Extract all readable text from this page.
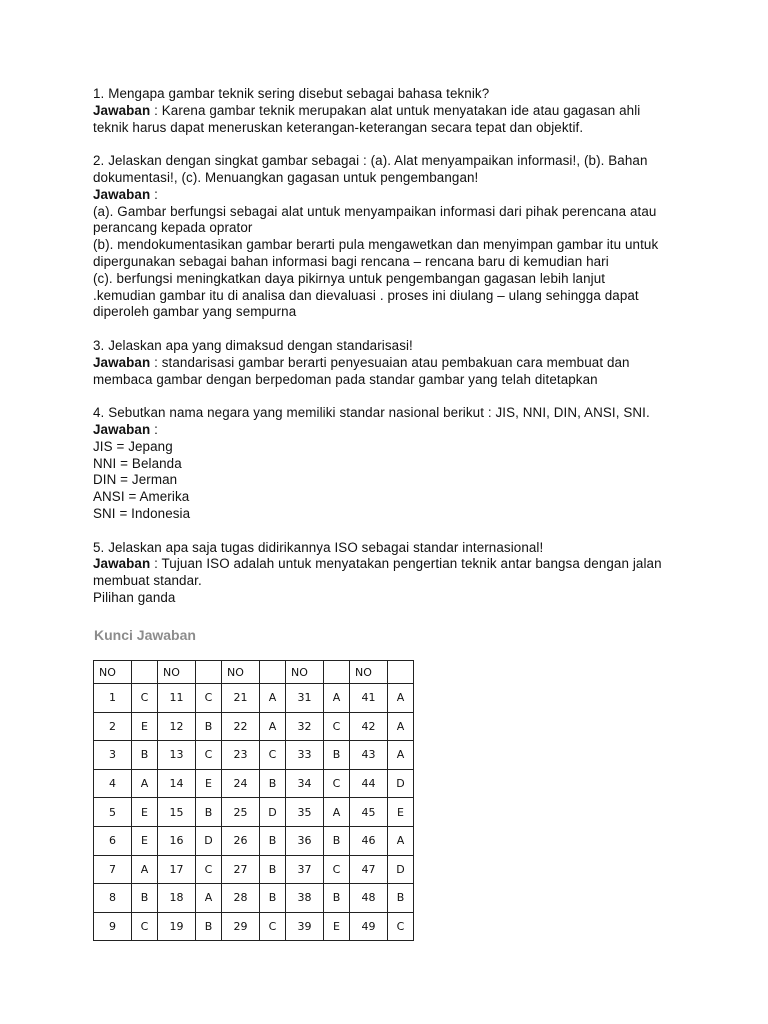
1. Mengapa gambar teknik sering disebut sebagai bahasa teknik?

Jawaban : Karena gambar teknik merupakan alat untuk menyatakan ide atau gagasan ahli

teknik harus dapat meneruskan keterangan-keterangan secara tepat dan objektif.

2. Jelaskan dengan singkat gambar sebagai : (a). Alat menyampaikan informasi!, (b). Bahan

dokumentasi!, (c). Menuangkan gagasan untuk pengembangan!

Jawaban :

(a). Gambar berfungsi sebagai alat untuk menyampaikan informasi dari pihak perencana atau

perancang kepada oprator

(b). mendokumentasikan gambar berarti pula mengawetkan dan menyimpan gambar itu untuk

dipergunakan sebagai bahan informasi bagi rencana – rencana baru di kemudian hari

(c). berfungsi meningkatkan daya pikirnya untuk pengembangan gagasan lebih lanjut

.kemudian gambar itu di analisa dan dievaluasi . proses ini diulang – ulang sehingga dapat

diperoleh gambar yang sempurna

3. Jelaskan apa yang dimaksud dengan standarisasi!

Jawaban : standarisasi gambar berarti penyesuaian atau pembakuan cara membuat dan

membaca gambar dengan berpedoman pada standar gambar yang telah ditetapkan

4. Sebutkan nama negara yang memiliki standar nasional berikut : JIS, NNI, DIN, ANSI, SNI.

Jawaban :

JIS = Jepang

NNI = Belanda

DIN = Jerman

ANSI = Amerika

SNI = Indonesia

5. Jelaskan apa saja tugas didirikannya ISO sebagai standar internasional!

Jawaban : Tujuan ISO adalah untuk menyatakan pengertian teknik antar bangsa dengan jalan

membuat standar.

Pilihan ganda

Kunci Jawaban
NO		NO		NO		NO		NO	
1	C	11	C	21	A	31	A	41	A
2	E	12	B	22	A	32	C	42	A
3	B	13	C	23	C	33	B	43	A
4	A	14	E	24	B	34	C	44	D
5	E	15	B	25	D	35	A	45	E
6	E	16	D	26	B	36	B	46	A
7	A	17	C	27	B	37	C	47	D
8	B	18	A	28	B	38	B	48	B
9	C	19	B	29	C	39	E	49	C
